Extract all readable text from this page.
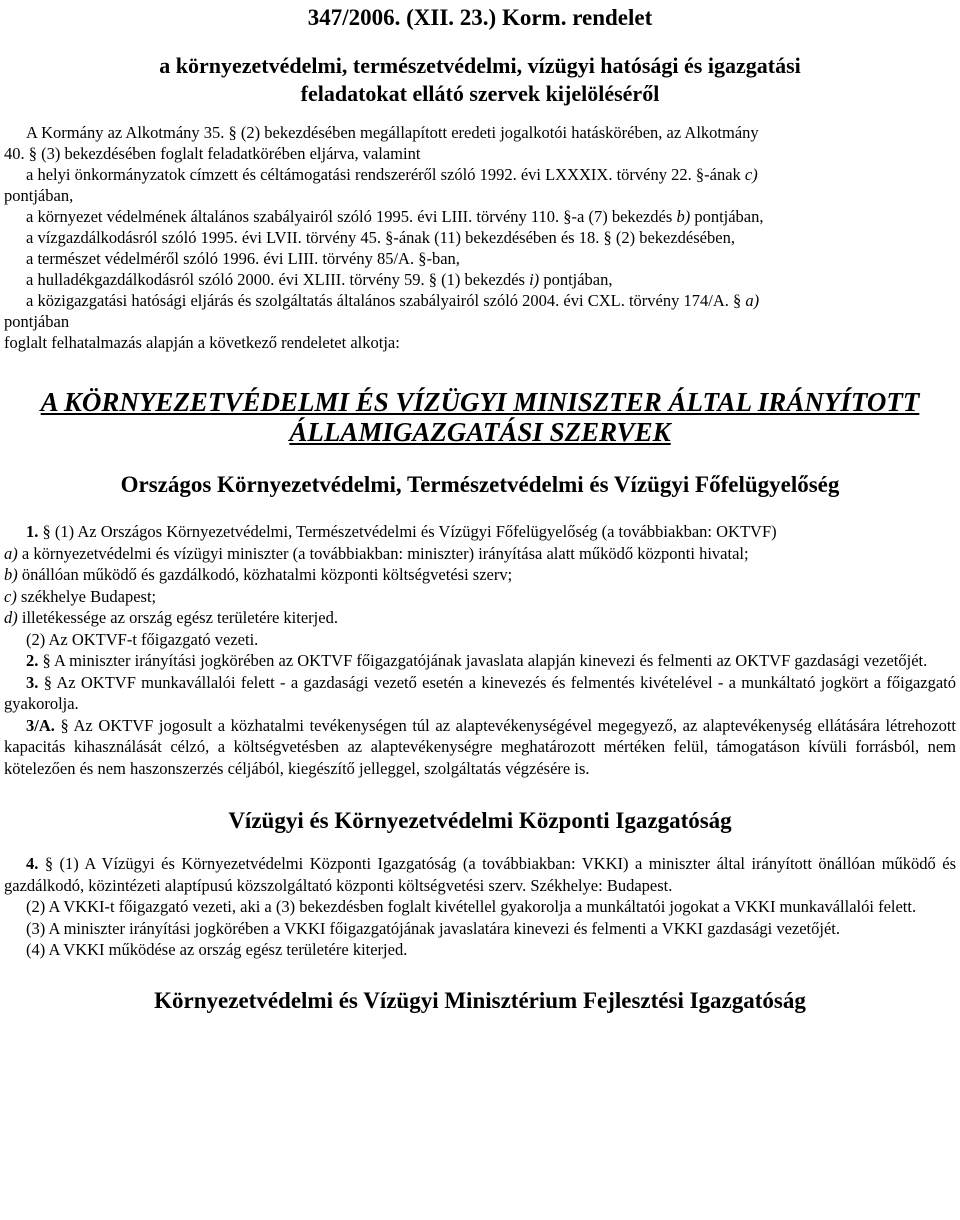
347/2006. (XII. 23.) Korm. rendelet
a környezetvédelmi, természetvédelmi, vízügyi hatósági és igazgatási
feladatokat ellátó szervek kijelöléséről

A Kormány az Alkotmány 35. § (2) bekezdésében megállapított eredeti jogalkotói hatáskörében, az Alkotmány

40. § (3) bekezdésében foglalt feladatkörében eljárva, valamint

a helyi önkormányzatok címzett és céltámogatási rendszeréről szóló 1992. évi LXXXIX. törvény 22. §-ának c)

pontjában,

a környezet védelmének általános szabályairól szóló 1995. évi LIII. törvény 110. §-a (7) bekezdés b) pontjában,

a vízgazdálkodásról szóló 1995. évi LVII. törvény 45. §-ának (11) bekezdésében és 18. § (2) bekezdésében,

a természet védelméről szóló 1996. évi LIII. törvény 85/A. §-ban,

a hulladékgazdálkodásról szóló 2000. évi XLIII. törvény 59. § (1) bekezdés i) pontjában,

a közigazgatási hatósági eljárás és szolgáltatás általános szabályairól szóló 2004. évi CXL. törvény 174/A. § a)

pontjában

foglalt felhatalmazás alapján a következő rendeletet alkotja:

A KÖRNYEZETVÉDELMI ÉS VÍZÜGYI MINISZTER ÁLTAL IRÁNYÍTOTT
ÁLLAMIGAZGATÁSI SZERVEK
Országos Környezetvédelmi, Természetvédelmi és Vízügyi Főfelügyelőség

1. § (1) Az Országos Környezetvédelmi, Természetvédelmi és Vízügyi Főfelügyelőség (a továbbiakban: OKTVF)

a) a környezetvédelmi és vízügyi miniszter (a továbbiakban: miniszter) irányítása alatt működő központi hivatal;

b) önállóan működő és gazdálkodó, közhatalmi központi költségvetési szerv;

c) székhelye Budapest;

d) illetékessége az ország egész területére kiterjed.

(2) Az OKTVF-t főigazgató vezeti.

2. § A miniszter irányítási jogkörében az OKTVF főigazgatójának javaslata alapján kinevezi és felmenti az OKTVF gazdasági vezetőjét.

3. § Az OKTVF munkavállalói felett - a gazdasági vezető esetén a kinevezés és felmentés kivételével - a munkáltató jogkört a főigazgató gyakorolja.

3/A. § Az OKTVF jogosult a közhatalmi tevékenységen túl az alaptevékenységével megegyező, az alaptevékenység ellátására létrehozott kapacitás kihasználását célzó, a költségvetésben az alaptevékenységre meghatározott mértéken felül, támogatáson kívüli forrásból, nem kötelezően és nem haszonszerzés céljából, kiegészítő jelleggel, szolgáltatás végzésére is.

Vízügyi és Környezetvédelmi Központi Igazgatóság

4. § (1) A Vízügyi és Környezetvédelmi Központi Igazgatóság (a továbbiakban: VKKI) a miniszter által irányított önállóan működő és gazdálkodó, közintézeti alaptípusú közszolgáltató központi költségvetési szerv. Székhelye: Budapest.

(2) A VKKI-t főigazgató vezeti, aki a (3) bekezdésben foglalt kivétellel gyakorolja a munkáltatói jogokat a VKKI munkavállalói felett.

(3) A miniszter irányítási jogkörében a VKKI főigazgatójának javaslatára kinevezi és felmenti a VKKI gazdasági vezetőjét.

(4) A VKKI működése az ország egész területére kiterjed.

Környezetvédelmi és Vízügyi Minisztérium Fejlesztési Igazgatóság
